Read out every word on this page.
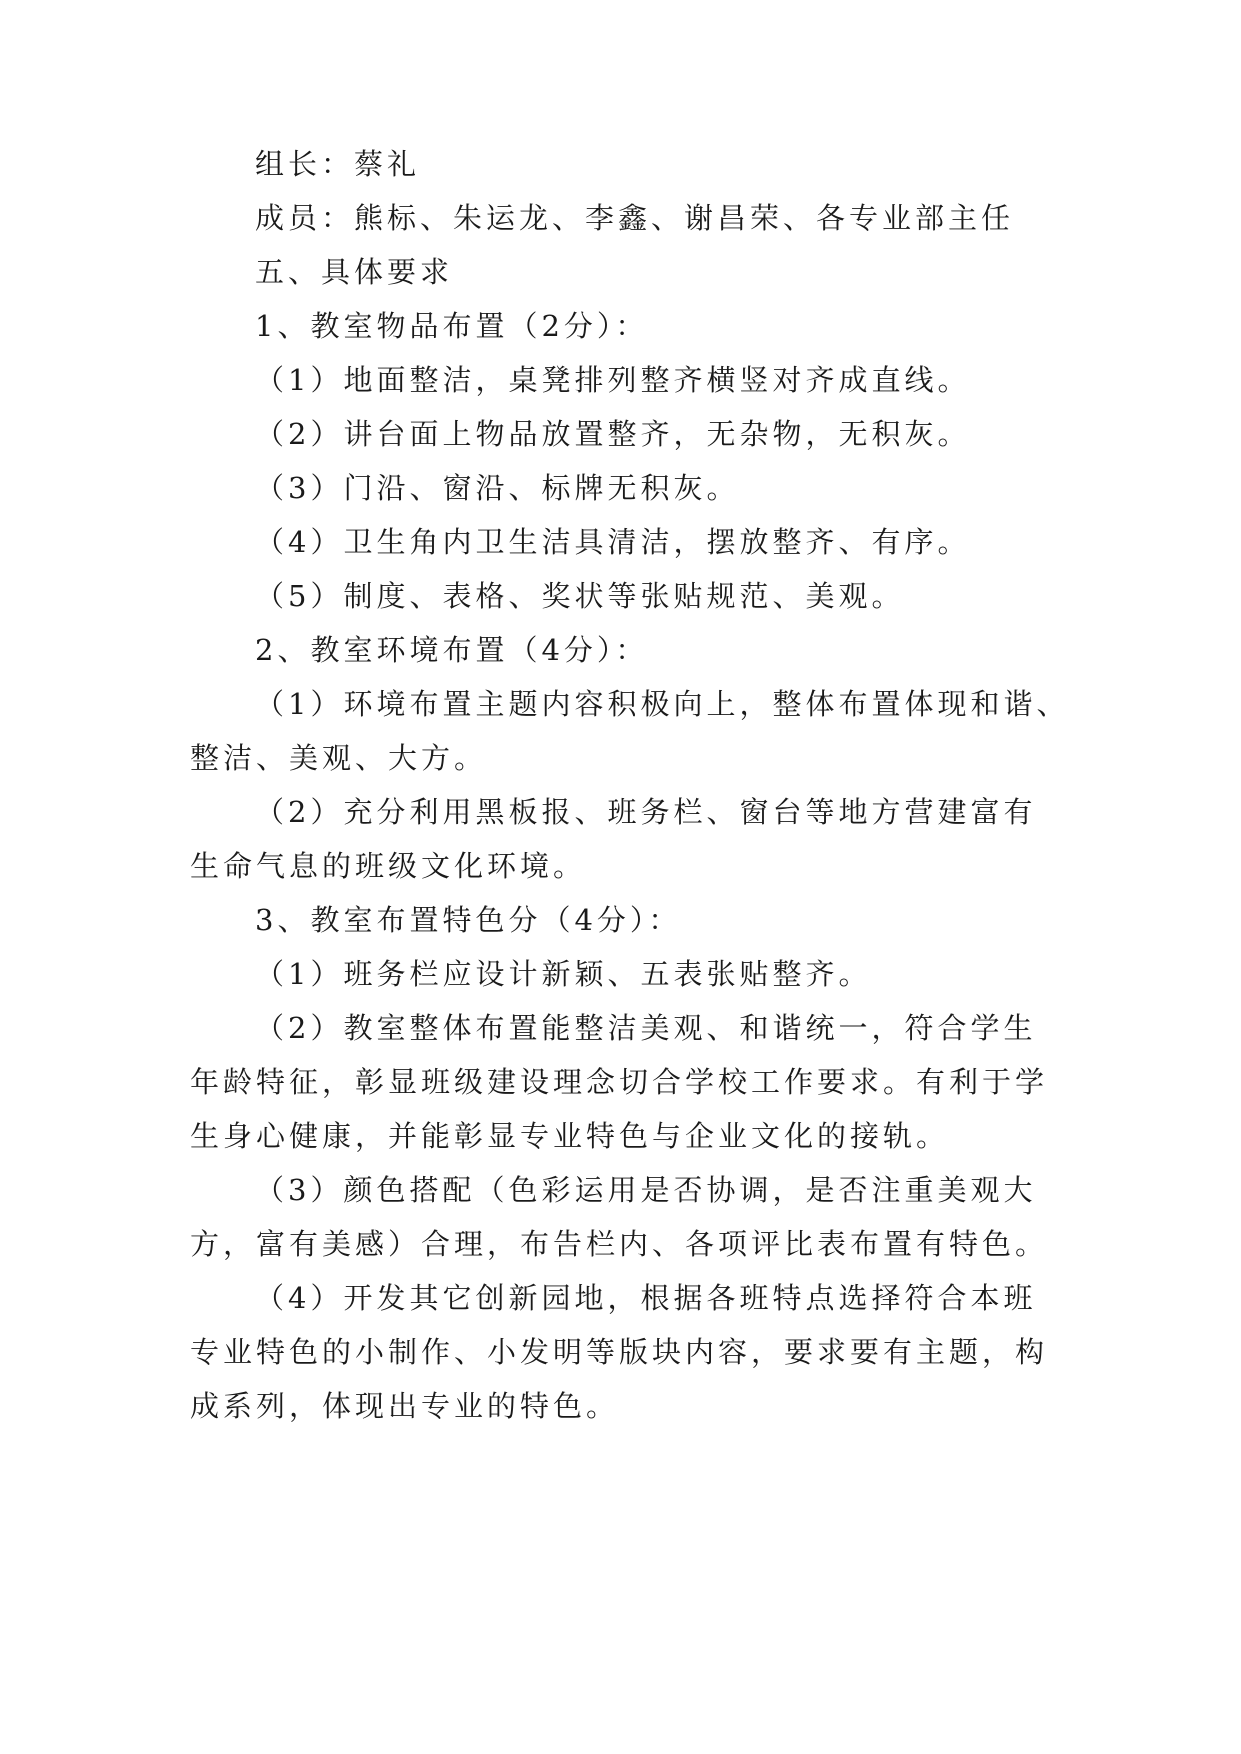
组长：蔡礼
成员：熊标、朱运龙、李鑫、谢昌荣、各专业部主任
五、具体要求
1、教室物品布置（2分）：
（1）地面整洁，桌凳排列整齐横竖对齐成直线。
（2）讲台面上物品放置整齐，无杂物，无积灰。
（3）门沿、窗沿、标牌无积灰。
（4）卫生角内卫生洁具清洁，摆放整齐、有序。
（5）制度、表格、奖状等张贴规范、美观。
2、教室环境布置（4分）：
（1）环境布置主题内容积极向上，整体布置体现和谐、
整洁、美观、大方。
（2）充分利用黑板报、班务栏、窗台等地方营建富有
生命气息的班级文化环境。
3、教室布置特色分（4分）：
（1）班务栏应设计新颖、五表张贴整齐。
（2）教室整体布置能整洁美观、和谐统一，符合学生
年龄特征，彰显班级建设理念切合学校工作要求。有利于学
生身心健康，并能彰显专业特色与企业文化的接轨。
（3）颜色搭配（色彩运用是否协调，是否注重美观大
方，富有美感）合理，布告栏内、各项评比表布置有特色。
（4）开发其它创新园地，根据各班特点选择符合本班
专业特色的小制作、小发明等版块内容，要求要有主题，构
成系列，体现出专业的特色。
